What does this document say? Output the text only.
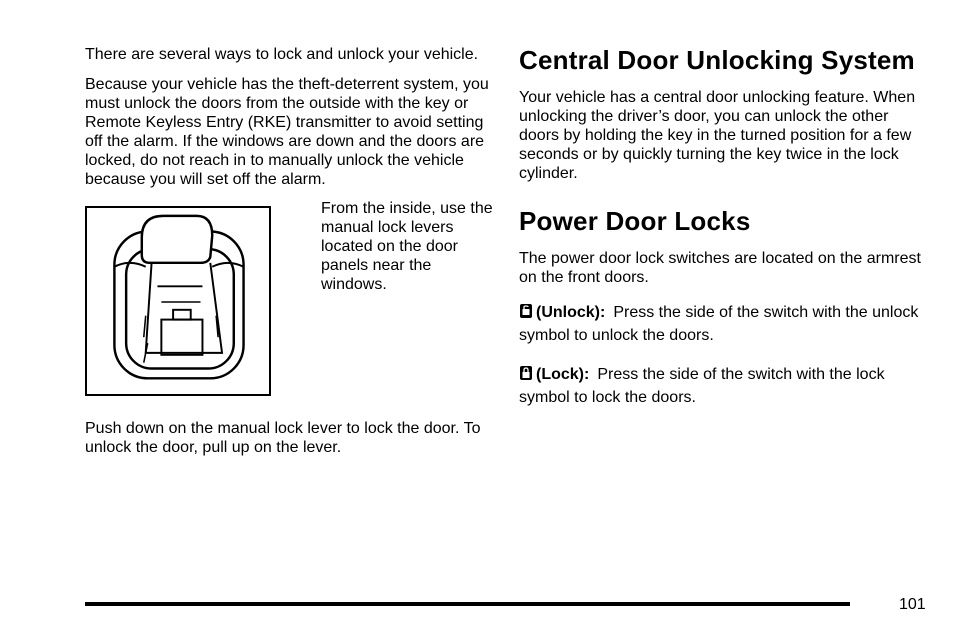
There are several ways to lock and unlock your vehicle.

Because your vehicle has the theft-deterrent system, you must unlock the doors from the outside with the key or Remote Keyless Entry (RKE) transmitter to avoid setting off the alarm. If the windows are down and the doors are locked, do not reach in to manually unlock the vehicle because you will set off the alarm.

From the inside, use the manual lock levers located on the door panels near the windows.

Push down on the manual lock lever to lock the door. To unlock the door, pull up on the lever.

Central Door Unlocking System

Your vehicle has a central door unlocking feature. When unlocking the driver’s door, you can unlock the other doors by holding the key in the turned position for a few seconds or by quickly turning the key twice in the lock cylinder.

Power Door Locks

The power door lock switches are located on the armrest on the front doors.

(Unlock): Press the side of the switch with the unlock symbol to unlock the doors.

(Lock): Press the side of the switch with the lock symbol to lock the doors.

101
